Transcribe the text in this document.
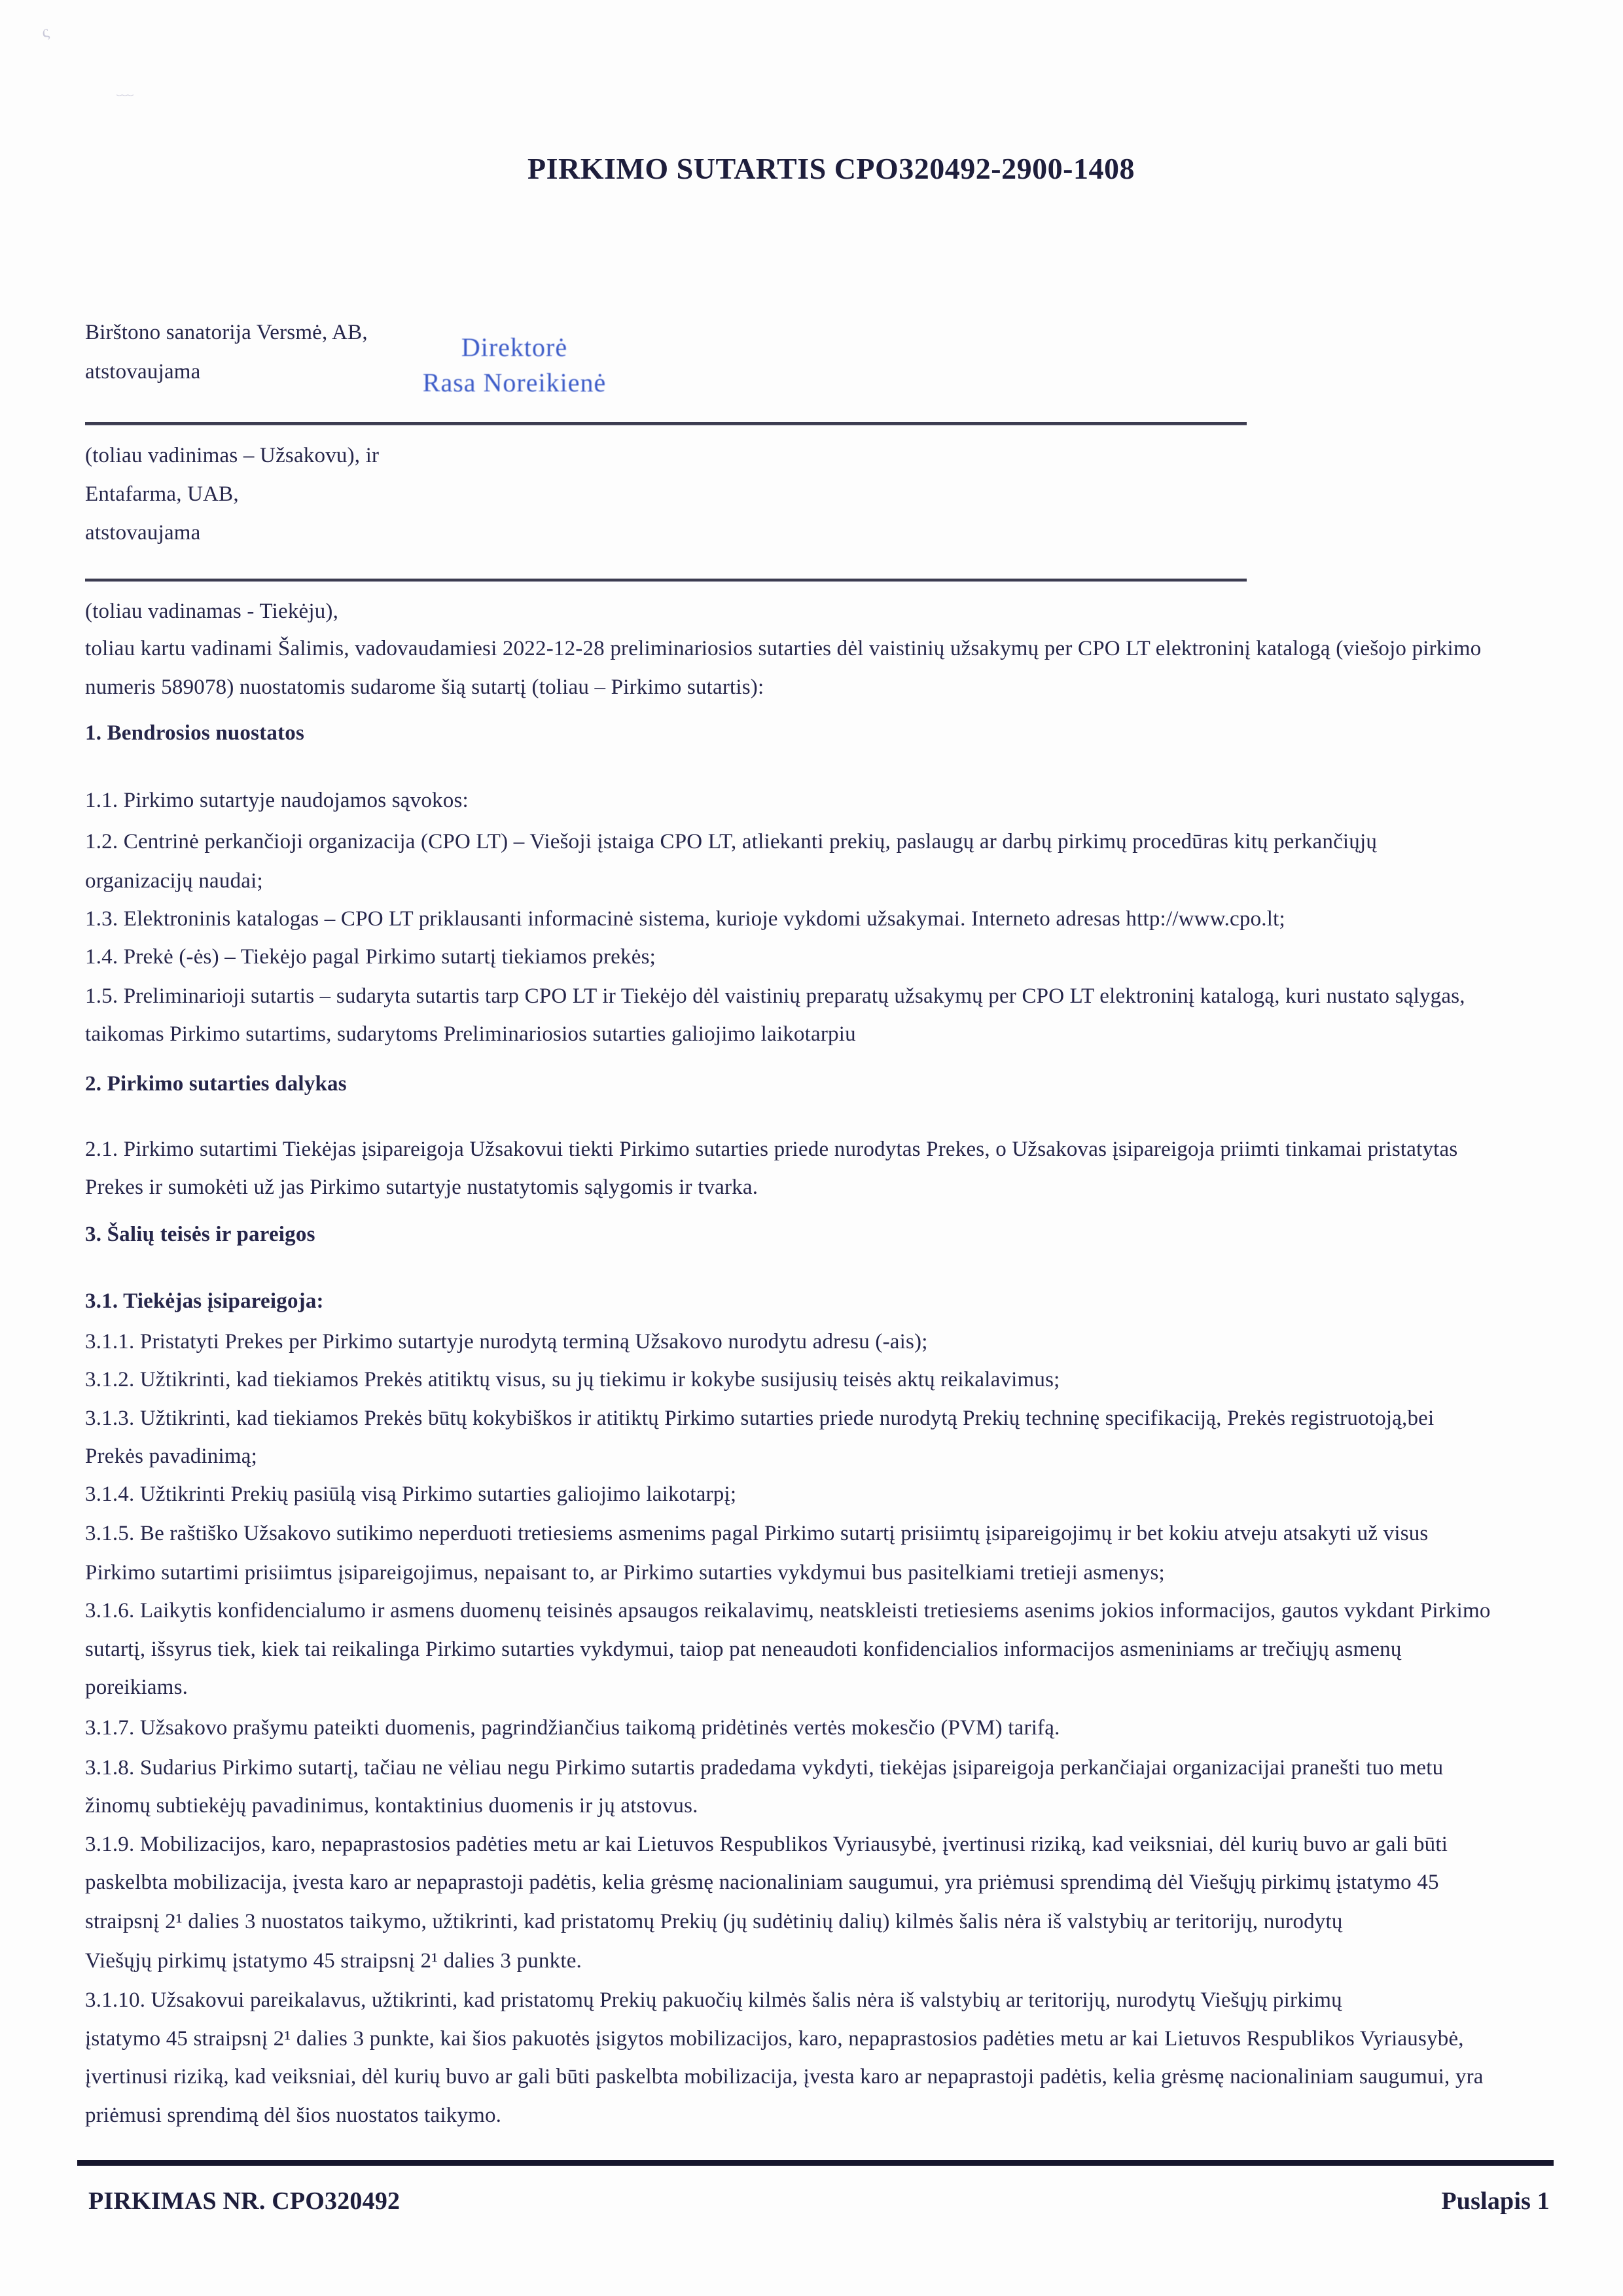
ς
﹏
PIRKIMO SUTARTIS CPO320492-2900-1408
Birštono sanatorija Versmė, AB,
atstovaujama
Direktorė
Rasa Noreikienė
(toliau vadinimas – Užsakovu), ir
Entafarma, UAB,
atstovaujama
(toliau vadinamas - Tiekėju),
toliau kartu vadinami Šalimis, vadovaudamiesi 2022-12-28 preliminariosios sutarties dėl vaistinių užsakymų per CPO LT elektroninį katalogą (viešojo pirkimo
numeris 589078) nuostatomis sudarome šią sutartį (toliau – Pirkimo sutartis):
1. Bendrosios nuostatos
1.1. Pirkimo sutartyje naudojamos sąvokos:
1.2. Centrinė perkančioji organizacija (CPO LT) – Viešoji įstaiga CPO LT, atliekanti prekių, paslaugų ar darbų pirkimų procedūras kitų perkančiųjų
organizacijų naudai;
1.3. Elektroninis katalogas – CPO LT priklausanti informacinė sistema, kurioje vykdomi užsakymai. Interneto adresas http://www.cpo.lt;
1.4. Prekė (-ės) – Tiekėjo pagal Pirkimo sutartį tiekiamos prekės;
1.5. Preliminarioji sutartis – sudaryta sutartis tarp CPO LT ir Tiekėjo dėl vaistinių preparatų užsakymų per CPO LT elektroninį katalogą, kuri nustato sąlygas,
taikomas Pirkimo sutartims, sudarytoms Preliminariosios sutarties galiojimo laikotarpiu
2. Pirkimo sutarties dalykas
2.1. Pirkimo sutartimi Tiekėjas įsipareigoja Užsakovui tiekti Pirkimo sutarties priede nurodytas Prekes, o Užsakovas įsipareigoja priimti tinkamai pristatytas
Prekes ir sumokėti už jas Pirkimo sutartyje nustatytomis sąlygomis ir tvarka.
3. Šalių teisės ir pareigos
3.1. Tiekėjas įsipareigoja:
3.1.1. Pristatyti Prekes per Pirkimo sutartyje nurodytą terminą Užsakovo nurodytu adresu (-ais);
3.1.2. Užtikrinti, kad tiekiamos Prekės atitiktų visus, su jų tiekimu ir kokybe susijusių teisės aktų reikalavimus;
3.1.3. Užtikrinti, kad tiekiamos Prekės būtų kokybiškos ir atitiktų Pirkimo sutarties priede nurodytą Prekių techninę specifikaciją, Prekės registruotoją,bei
Prekės pavadinimą;
3.1.4. Užtikrinti Prekių pasiūlą visą Pirkimo sutarties galiojimo laikotarpį;
3.1.5. Be raštiško Užsakovo sutikimo neperduoti tretiesiems asmenims pagal Pirkimo sutartį prisiimtų įsipareigojimų ir bet kokiu atveju atsakyti už visus
Pirkimo sutartimi prisiimtus įsipareigojimus, nepaisant to, ar Pirkimo sutarties vykdymui bus pasitelkiami tretieji asmenys;
3.1.6. Laikytis konfidencialumo ir asmens duomenų teisinės apsaugos reikalavimų, neatskleisti tretiesiems asenims jokios informacijos, gautos vykdant Pirkimo
sutartį, išsyrus tiek, kiek tai reikalinga Pirkimo sutarties vykdymui, taiop pat neneaudoti konfidencialios informacijos asmeniniams ar trečiųjų asmenų
poreikiams.
3.1.7. Užsakovo prašymu pateikti duomenis, pagrindžiančius taikomą pridėtinės vertės mokesčio (PVM) tarifą.
3.1.8. Sudarius Pirkimo sutartį, tačiau ne vėliau negu Pirkimo sutartis pradedama vykdyti, tiekėjas įsipareigoja perkančiajai organizacijai pranešti tuo metu
žinomų subtiekėjų pavadinimus, kontaktinius duomenis ir jų atstovus.
3.1.9. Mobilizacijos, karo, nepaprastosios padėties metu ar kai Lietuvos Respublikos Vyriausybė, įvertinusi riziką, kad veiksniai, dėl kurių buvo ar gali būti
paskelbta mobilizacija, įvesta karo ar nepaprastoji padėtis, kelia grėsmę nacionaliniam saugumui, yra priėmusi sprendimą dėl Viešųjų pirkimų įstatymo 45
straipsnį 2¹ dalies 3 nuostatos taikymo, užtikrinti, kad pristatomų Prekių (jų sudėtinių dalių) kilmės šalis nėra iš valstybių ar teritorijų, nurodytų
Viešųjų pirkimų įstatymo 45 straipsnį 2¹ dalies 3 punkte.
3.1.10. Užsakovui pareikalavus, užtikrinti, kad pristatomų Prekių pakuočių kilmės šalis nėra iš valstybių ar teritorijų, nurodytų Viešųjų pirkimų
įstatymo 45 straipsnį 2¹ dalies 3 punkte, kai šios pakuotės įsigytos mobilizacijos, karo, nepaprastosios padėties metu ar kai Lietuvos Respublikos Vyriausybė,
įvertinusi riziką, kad veiksniai, dėl kurių buvo ar gali būti paskelbta mobilizacija, įvesta karo ar nepaprastoji padėtis, kelia grėsmę nacionaliniam saugumui, yra
priėmusi sprendimą dėl šios nuostatos taikymo.
PIRKIMAS NR. CPO320492	Puslapis 1
